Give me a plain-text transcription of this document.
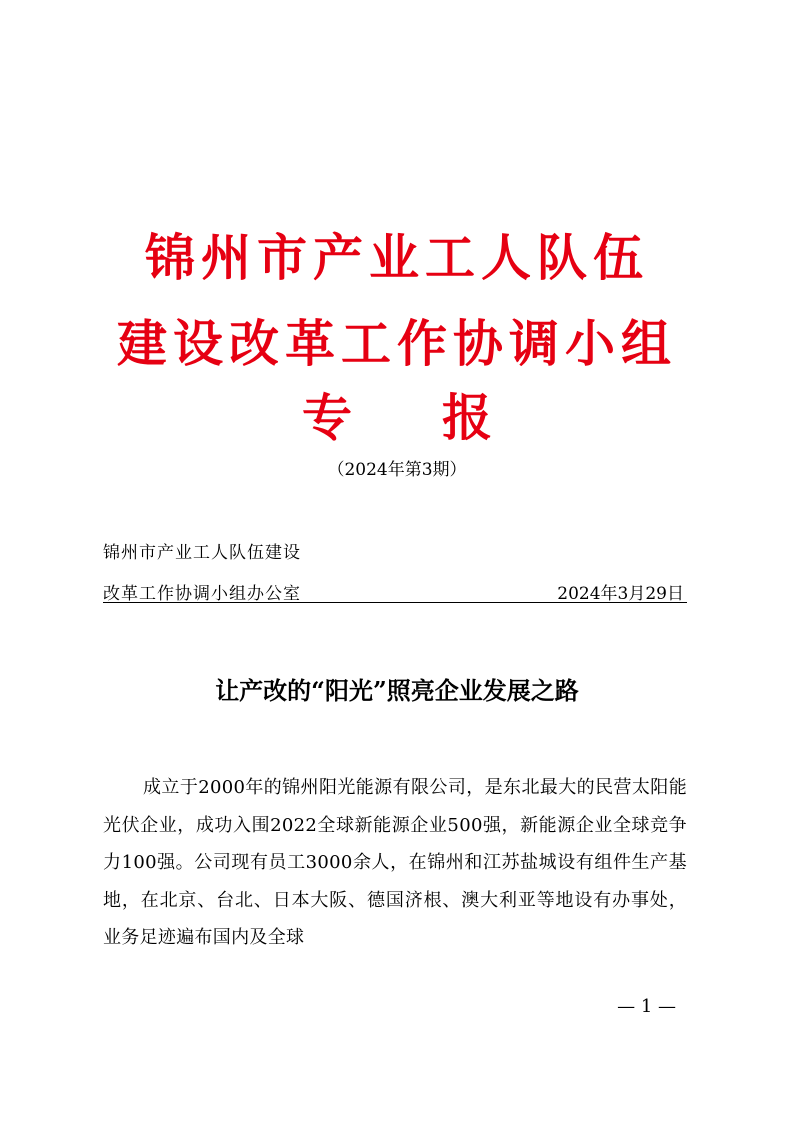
锦州市产业工人队伍
建设改革工作协调小组
专 报
（2024年第3期）
锦州市产业工人队伍建设
改革工作协调小组办公室	2024年3月29日
让产改的“阳光”照亮企业发展之路

成立于2000年的锦州阳光能源有限公司，是东北最大的民营太阳能光伏企业，成功入围2022全球新能源企业500强，新能源企业全球竞争力100强。公司现有员工3000余人，在锦州和江苏盐城设有组件生产基地，在北京、台北、日本大阪、德国济根、澳大利亚等地设有办事处，业务足迹遍布国内及全球

— 1 —
